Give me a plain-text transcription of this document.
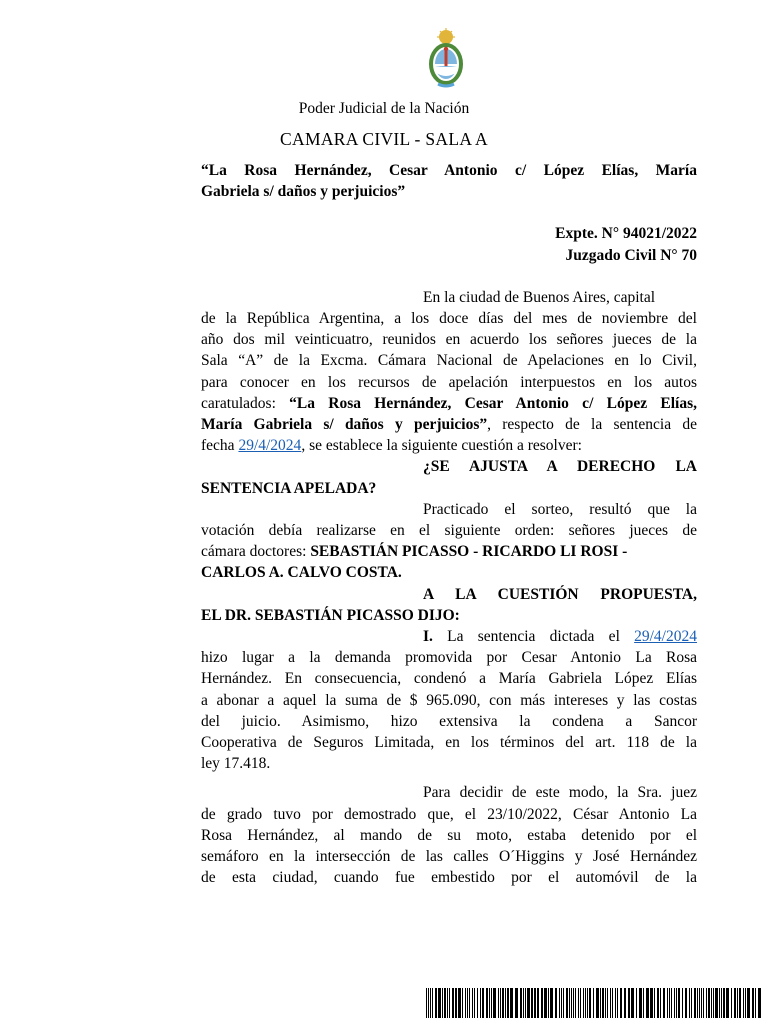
Poder Judicial de la Nación
CAMARA CIVIL - SALA A

“La Rosa Hernández, Cesar Antonio c/ López Elías, María

Gabriela s/ daños y perjuicios”

Expte. N° 94021/2022

Juzgado Civil N° 70

En la ciudad de Buenos Aires, capital

de la República Argentina, a los doce días del mes de noviembre del

año dos mil veinticuatro, reunidos en acuerdo los señores jueces de la

Sala “A” de la Excma. Cámara Nacional de Apelaciones en lo Civil,

para conocer en los recursos de apelación interpuestos en los autos

caratulados: “La Rosa Hernández, Cesar Antonio c/ López Elías,

María Gabriela s/ daños y perjuicios”, respecto de la sentencia de

fecha 29/4/2024, se establece la siguiente cuestión a resolver:

¿SE AJUSTA A DERECHO LA

SENTENCIA APELADA?

Practicado el sorteo, resultó que la

votación debía realizarse en el siguiente orden: señores jueces de

cámara doctores: SEBASTIÁN PICASSO - RICARDO LI ROSI -

CARLOS A. CALVO COSTA.

A LA CUESTIÓN PROPUESTA,

EL DR. SEBASTIÁN PICASSO DIJO:

I. La sentencia dictada el 29/4/2024

hizo lugar a la demanda promovida por Cesar Antonio La Rosa

Hernández. En consecuencia, condenó a María Gabriela López Elías

a abonar a aquel la suma de $ 965.090, con más intereses y las costas

del juicio. Asimismo, hizo extensiva la condena a Sancor

Cooperativa de Seguros Limitada, en los términos del art. 118 de la

ley 17.418.

Para decidir de este modo, la Sra. juez

de grado tuvo por demostrado que, el 23/10/2022, César Antonio La

Rosa Hernández, al mando de su moto, estaba detenido por el

semáforo en la intersección de las calles O´Higgins y José Hernández

de esta ciudad, cuando fue embestido por el automóvil de la
